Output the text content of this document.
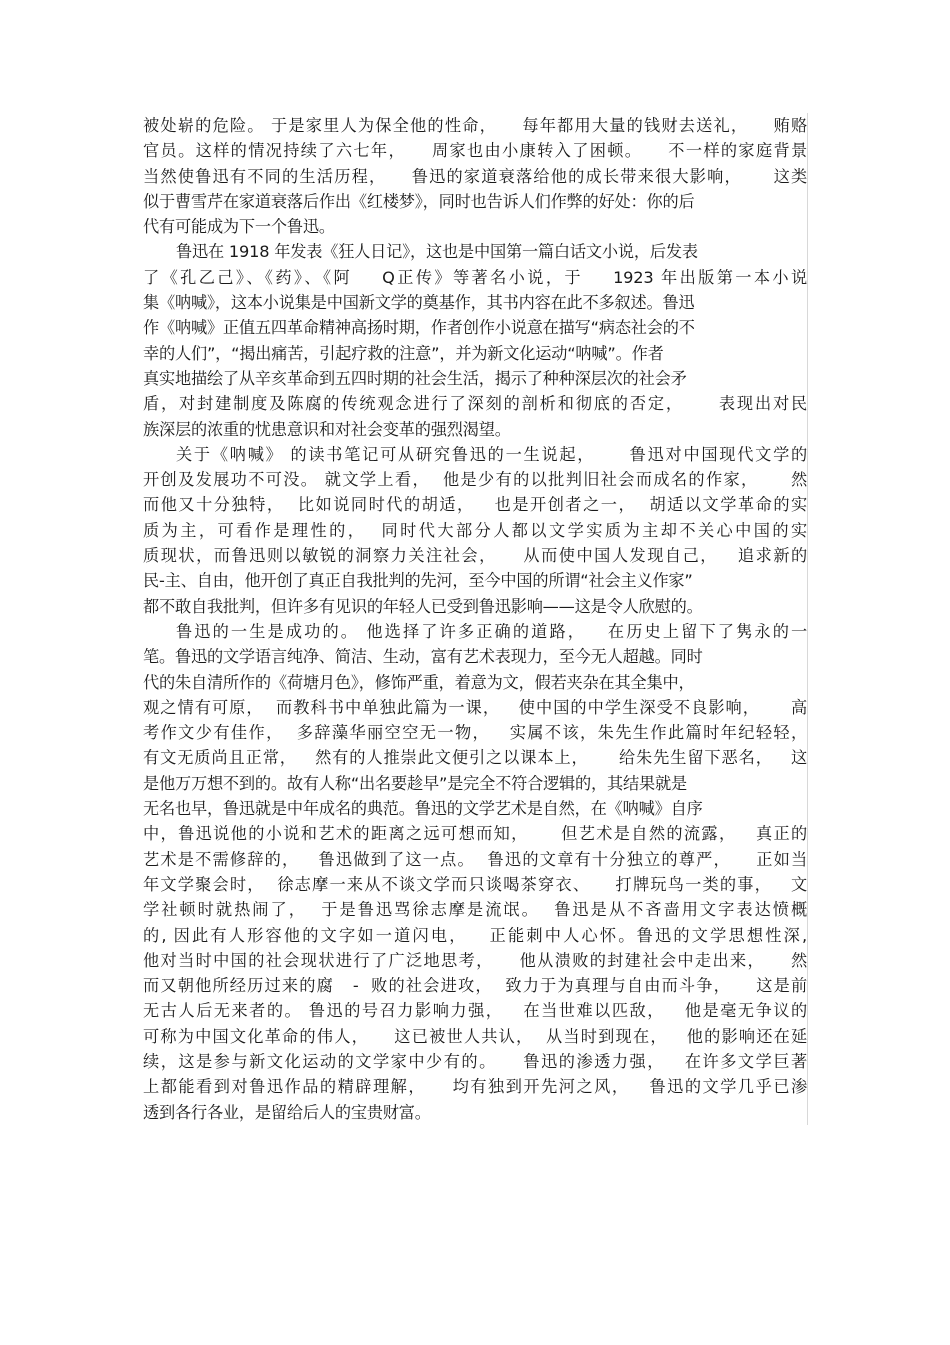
被处崭的危险。 于是家里人为保全他的性命，    每年都用大量的钱财去送礼，    贿赂
官员。这样的情况持续了六七年，    周家也由小康转入了困顿。    不一样的家庭背景
当然使鲁迅有不同的生活历程，    鲁迅的家道衰落给他的成长带来很大影响，     这类
似于曹雪芹在家道衰落后作出《红楼梦》，同时也告诉人们作弊的好处：你的后
代有可能成为下一个鲁迅。
鲁迅在 1918 年发表《狂人日记》，这也是中国第一篇白话文小说，后发表
了《孔乙己》、《药》、《阿    Q正传》等著名小说，于    1923 年出版第一本小说
集《呐喊》，这本小说集是中国新文学的奠基作，其书内容在此不多叙述。鲁迅
作《呐喊》正值五四革命精神高扬时期，作者创作小说意在描写“病态社会的不
幸的人们”，“揭出痛苦，引起疗救的注意”，并为新文化运动“呐喊”。作者
真实地描绘了从辛亥革命到五四时期的社会生活，揭示了种种深层次的社会矛
盾，对封建制度及陈腐的传统观念进行了深刻的剖析和彻底的否定，     表现出对民
族深层的浓重的忧患意识和对社会变革的强烈渴望。
关于《呐喊》 的读书笔记可从研究鲁迅的一生说起，     鲁迅对中国现代文学的
开创及发展功不可没。 就文学上看，  他是少有的以批判旧社会而成名的作家，     然
而他又十分独特，  比如说同时代的胡适，   也是开创者之一，  胡适以文学革命的实
质为主，可看作是理性的，  同时代大部分人都以文学实质为主却不关心中国的实
质现状，而鲁迅则以敏锐的洞察力关注社会，    从而使中国人发现自己，   追求新的
民-主、自由，他开创了真正自我批判的先河，至今中国的所谓“社会主义作家”
都不敢自我批判，但许多有见识的年轻人已受到鲁迅影响——这是令人欣慰的。
鲁迅的一生是成功的。 他选择了许多正确的道路，   在历史上留下了隽永的一
笔。鲁迅的文学语言纯净、简洁、生动，富有艺术表现力，至今无人超越。同时
代的朱自清所作的《荷塘月色》，修饰严重，着意为文，假若夹杂在其全集中，
观之情有可原，  而教科书中单独此篇为一课，   使中国的中学生深受不良影响，     高
考作文少有佳作，  多辞藻华丽空空无一物，   实属不该，朱先生作此篇时年纪轻轻，
有文无质尚且正常，   然有的人推崇此文便引之以课本上，     给朱先生留下恶名，   这
是他万万想不到的。故有人称“出名要趁早”是完全不符合逻辑的，其结果就是
无名也早，鲁迅就是中年成名的典范。鲁迅的文学艺术是自然，在《呐喊》自序
中，鲁迅说他的小说和艺术的距离之远可想而知，     但艺术是自然的流露，   真正的
艺术是不需修辞的，   鲁迅做到了这一点。  鲁迅的文章有十分独立的尊严，    正如当
年文学聚会时，  徐志摩一来从不谈文学而只谈喝茶穿衣、    打牌玩鸟一类的事，   文
学社顿时就热闹了，  于是鲁迅骂徐志摩是流氓。  鲁迅是从不吝啬用文字表达愤概
的, 因此有人形容他的文字如一道闪电，   正能刺中人心怀。鲁迅的文学思想性深,
他对当时中国的社会现状进行了广泛地思考，    他从溃败的封建社会中走出来，    然
而又朝他所经历过来的腐   -  败的社会进攻，  致力于为真理与自由而斗争，    这是前
无古人后无来者的。 鲁迅的号召力影响力强，   在当世难以匹敌，   他是毫无争议的
可称为中国文化革命的伟人，    这已被世人共认，  从当时到现在，   他的影响还在延
续，这是参与新文化运动的文学家中少有的。    鲁迅的渗透力强，   在许多文学巨著
上都能看到对鲁迅作品的精辟理解，    均有独到开先河之风，   鲁迅的文学几乎已渗
透到各行各业，是留给后人的宝贵财富。
